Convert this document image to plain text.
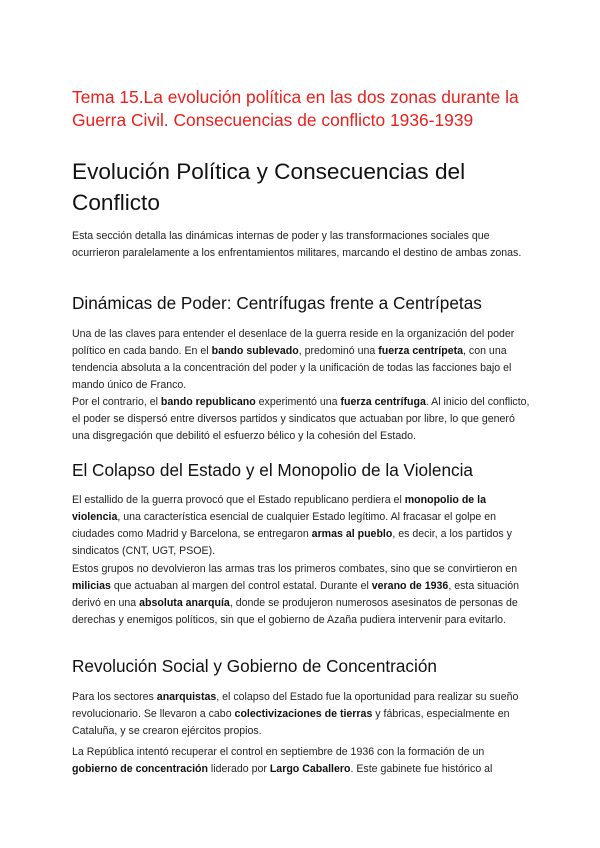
Tema 15.La evolución política en las dos zonas durante la Guerra Civil. Consecuencias de conflicto 1936-1939
Evolución Política y Consecuencias del Conflicto

Esta sección detalla las dinámicas internas de poder y las transformaciones sociales que ocurrieron paralelamente a los enfrentamientos militares, marcando el destino de ambas zonas.

Dinámicas de Poder: Centrífugas frente a Centrípetas

Una de las claves para entender el desenlace de la guerra reside en la organización del poder político en cada bando. En el bando sublevado, predominó una fuerza centrípeta, con una tendencia absoluta a la concentración del poder y la unificación de todas las facciones bajo el mando único de Franco.

Por el contrario, el bando republicano experimentó una fuerza centrífuga. Al inicio del conflicto, el poder se dispersó entre diversos partidos y sindicatos que actuaban por libre, lo que generó una disgregación que debilitó el esfuerzo bélico y la cohesión del Estado.

El Colapso del Estado y el Monopolio de la Violencia

El estallido de la guerra provocó que el Estado republicano perdiera el monopolio de la violencia, una característica esencial de cualquier Estado legítimo. Al fracasar el golpe en ciudades como Madrid y Barcelona, se entregaron armas al pueblo, es decir, a los partidos y sindicatos (CNT, UGT, PSOE).

Estos grupos no devolvieron las armas tras los primeros combates, sino que se convirtieron en milicias que actuaban al margen del control estatal. Durante el verano de 1936, esta situación derivó en una absoluta anarquía, donde se produjeron numerosos asesinatos de personas de derechas y enemigos políticos, sin que el gobierno de Azaña pudiera intervenir para evitarlo.

Revolución Social y Gobierno de Concentración

Para los sectores anarquistas, el colapso del Estado fue la oportunidad para realizar su sueño revolucionario. Se llevaron a cabo colectivizaciones de tierras y fábricas, especialmente en Cataluña, y se crearon ejércitos propios.

La República intentó recuperar el control en septiembre de 1936 con la formación de un gobierno de concentración liderado por Largo Caballero. Este gabinete fue histórico al
